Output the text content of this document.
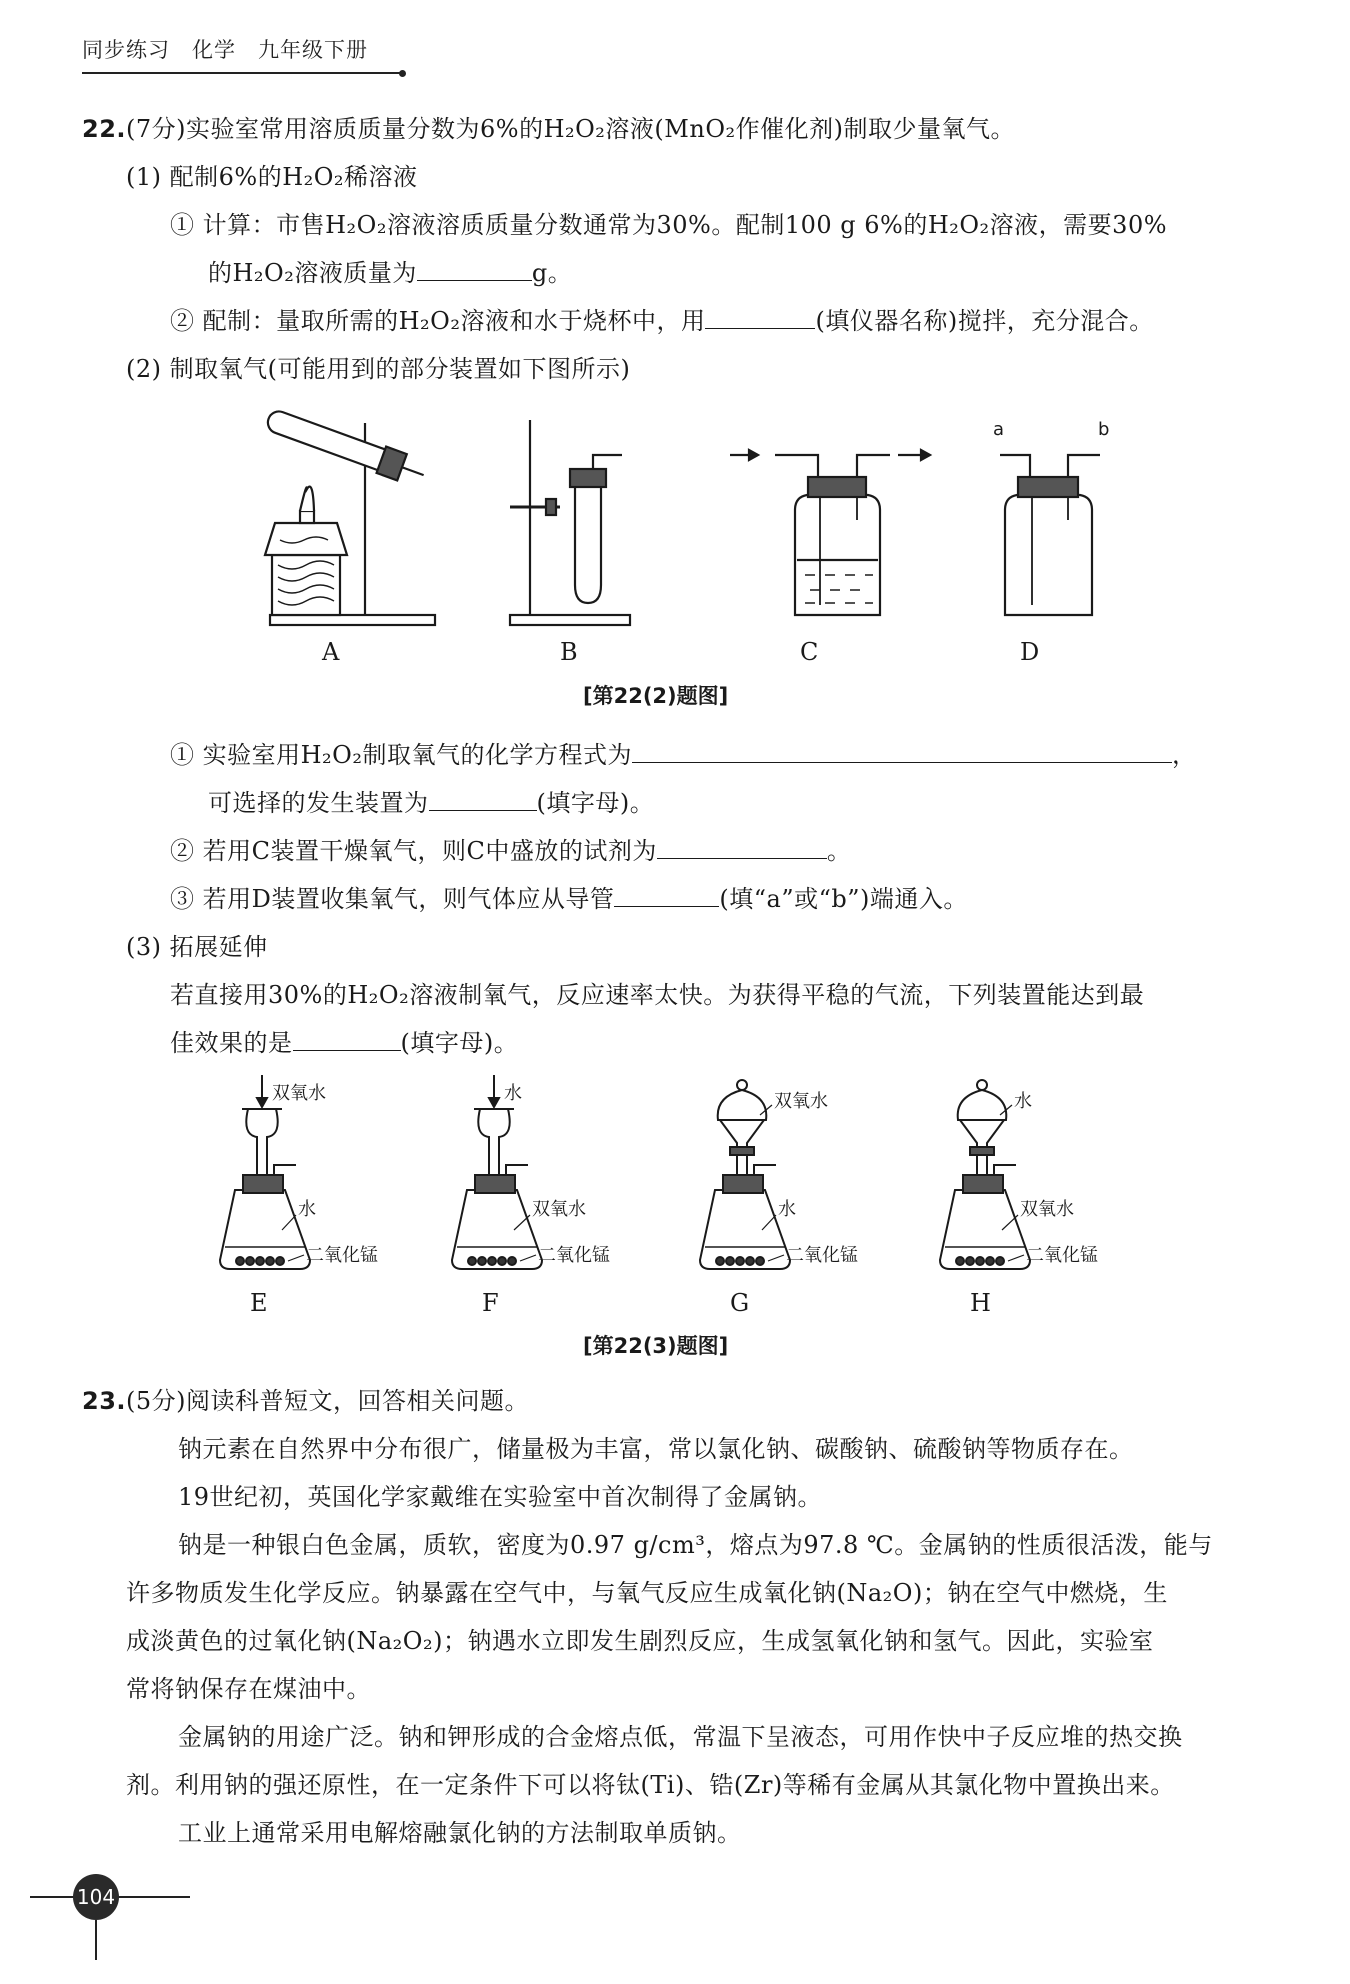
同步练习　化学　九年级下册
22.(7分)实验室常用溶质质量分数为6%的H₂O₂溶液(MnO₂作催化剂)制取少量氧气。
(1) 配制6%的H₂O₂稀溶液
① 计算：市售H₂O₂溶液溶质质量分数通常为30%。配制100 g 6%的H₂O₂溶液，需要30%
的H₂O₂溶液质量为	g。
② 配制：量取所需的H₂O₂溶液和水于烧杯中，用	(填仪器名称)搅拌，充分混合。
(2) 制取氧气(可能用到的部分装置如下图所示)
a	b
A	B	C	D
[第22(2)题图]
① 实验室用H₂O₂制取氧气的化学方程式为	，
可选择的发生装置为	(填字母)。
② 若用C装置干燥氧气，则C中盛放的试剂为	。
③ 若用D装置收集氧气，则气体应从导管	(填“a”或“b”)端通入。
(3) 拓展延伸
若直接用30%的H₂O₂溶液制氧气，反应速率太快。为获得平稳的气流，下列装置能达到最
佳效果的是	(填字母)。
双氧水
水
二氧化锰
E
水
双氧水
二氧化锰
F
双氧水
水
二氧化锰
G
水
双氧水
二氧化锰
H
[第22(3)题图]
23.(5分)阅读科普短文，回答相关问题。
钠元素在自然界中分布很广，储量极为丰富，常以氯化钠、碳酸钠、硫酸钠等物质存在。
19世纪初，英国化学家戴维在实验室中首次制得了金属钠。
钠是一种银白色金属，质软，密度为0.97 g/cm³，熔点为97.8 ℃。金属钠的性质很活泼，能与
许多物质发生化学反应。钠暴露在空气中，与氧气反应生成氧化钠(Na₂O)；钠在空气中燃烧，生
成淡黄色的过氧化钠(Na₂O₂)；钠遇水立即发生剧烈反应，生成氢氧化钠和氢气。因此，实验室
常将钠保存在煤油中。
金属钠的用途广泛。钠和钾形成的合金熔点低，常温下呈液态，可用作快中子反应堆的热交换
剂。利用钠的强还原性，在一定条件下可以将钛(Ti)、锆(Zr)等稀有金属从其氯化物中置换出来。
工业上通常采用电解熔融氯化钠的方法制取单质钠。
104
